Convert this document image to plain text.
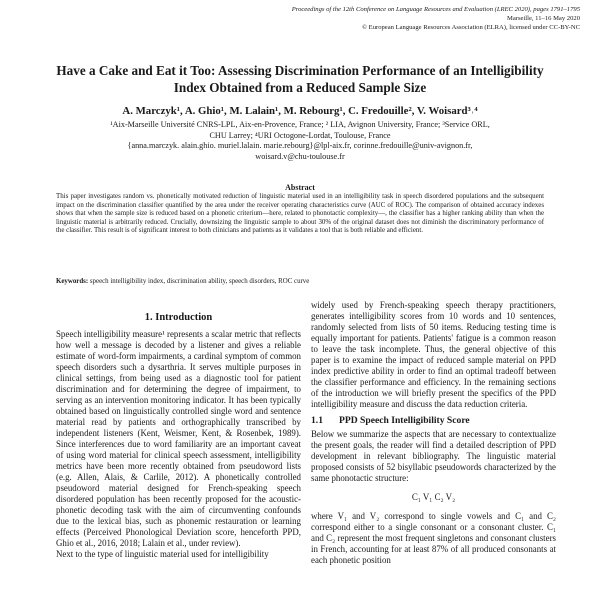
Proceedings of the 12th Conference on Language Resources and Evaluation (LREC 2020), pages 1791–1795
Marseille, 11–16 May 2020
© European Language Resources Association (ELRA), licensed under CC-BY-NC
Have a Cake and Eat it Too: Assessing Discrimination Performance of an Intelligibility Index Obtained from a Reduced Sample Size
A. Marczyk¹, A. Ghio¹, M. Lalain¹, M. Rebourg¹, C. Fredouille², V. Woisard³˒⁴
¹Aix-Marseille Université CNRS-LPL, Aix-en-Provence, France; ² LIA, Avignon University, France; ³Service ORL,
CHU Larrey; ⁴URI Octogone-Lordat, Toulouse, France
{anna.marczyk. alain.ghio. muriel.lalain. marie.rebourg}@lpl-aix.fr, corinne.fredouille@univ-avignon.fr,
woisard.v@chu-toulouse.fr
Abstract
This paper investigates random vs. phonetically motivated reduction of linguistic material used in an intelligibility task in speech disordered populations and the subsequent impact on the discrimination classifier quantified by the area under the receiver operating characteristics curve (AUC of ROC). The comparison of obtained accuracy indexes shows that when the sample size is reduced based on a phonetic criterium—here, related to phonotactic complexity—, the classifier has a higher ranking ability than when the linguistic material is arbitrarily reduced. Crucially, downsizing the linguistic sample to about 30% of the original dataset does not diminish the discriminatory performance of the classifier. This result is of significant interest to both clinicians and patients as it validates a tool that is both reliable and efficient.
Keywords: speech intelligibility index, discrimination ability, speech disorders, ROC curve
1. Introduction

Speech intelligibility measure¹ represents a scalar metric that reflects how well a message is decoded by a listener and gives a reliable estimate of word-form impairments, a cardinal symptom of common speech disorders such a dysarthria. It serves multiple purposes in clinical settings, from being used as a diagnostic tool for patient discrimination and for determining the degree of impairment, to serving as an intervention monitoring indicator. It has been typically obtained based on linguistically controlled single word and sentence material read by patients and orthographically transcribed by independent listeners (Kent, Weismer, Kent, & Rosenbek, 1989). Since interferences due to word familiarity are an important caveat of using word material for clinical speech assessment, intelligibility metrics have been more recently obtained from pseudoword lists (e.g. Allen, Alais, & Carlile, 2012). A phonetically controlled pseudoword material designed for French-speaking speech disordered population has been recently proposed for the acoustic-phonetic decoding task with the aim of circumventing confounds due to the lexical bias, such as phonemic restauration or learning effects (Perceived Phonological Deviation score, henceforth PPD, Ghio et al., 2016, 2018; Lalain et al., under review).

Next to the type of linguistic material used for intelligibility

widely used by French-speaking speech therapy practitioners, generates intelligibility scores from 10 words and 10 sentences, randomly selected from lists of 50 items. Reducing testing time is equally important for patients. Patients' fatigue is a common reason to leave the task incomplete. Thus, the general objective of this paper is to examine the impact of reduced sample material on PPD index predictive ability in order to find an optimal tradeoff between the classifier performance and efficiency. In the remaining sections of the introduction we will briefly present the specifics of the PPD intelligibility measure and discuss the data reduction criteria.

1.1 PPD Speech Intelligibility Score

Below we summarize the aspects that are necessary to contextualize the present goals, the reader will find a detailed description of PPD development in relevant bibliography. The linguistic material proposed consists of 52 bisyllabic pseudowords characterized by the same phonotactic structure:

C₁ V₁ C₂ V₂

where V₁ and V₂ correspond to single vowels and C₁ and C₂ correspond either to a single consonant or a consonant cluster. C₁ and C₂ represent the most frequent singletons and consonant clusters in French, accounting for at least 87% of all produced consonants at each phonetic position
